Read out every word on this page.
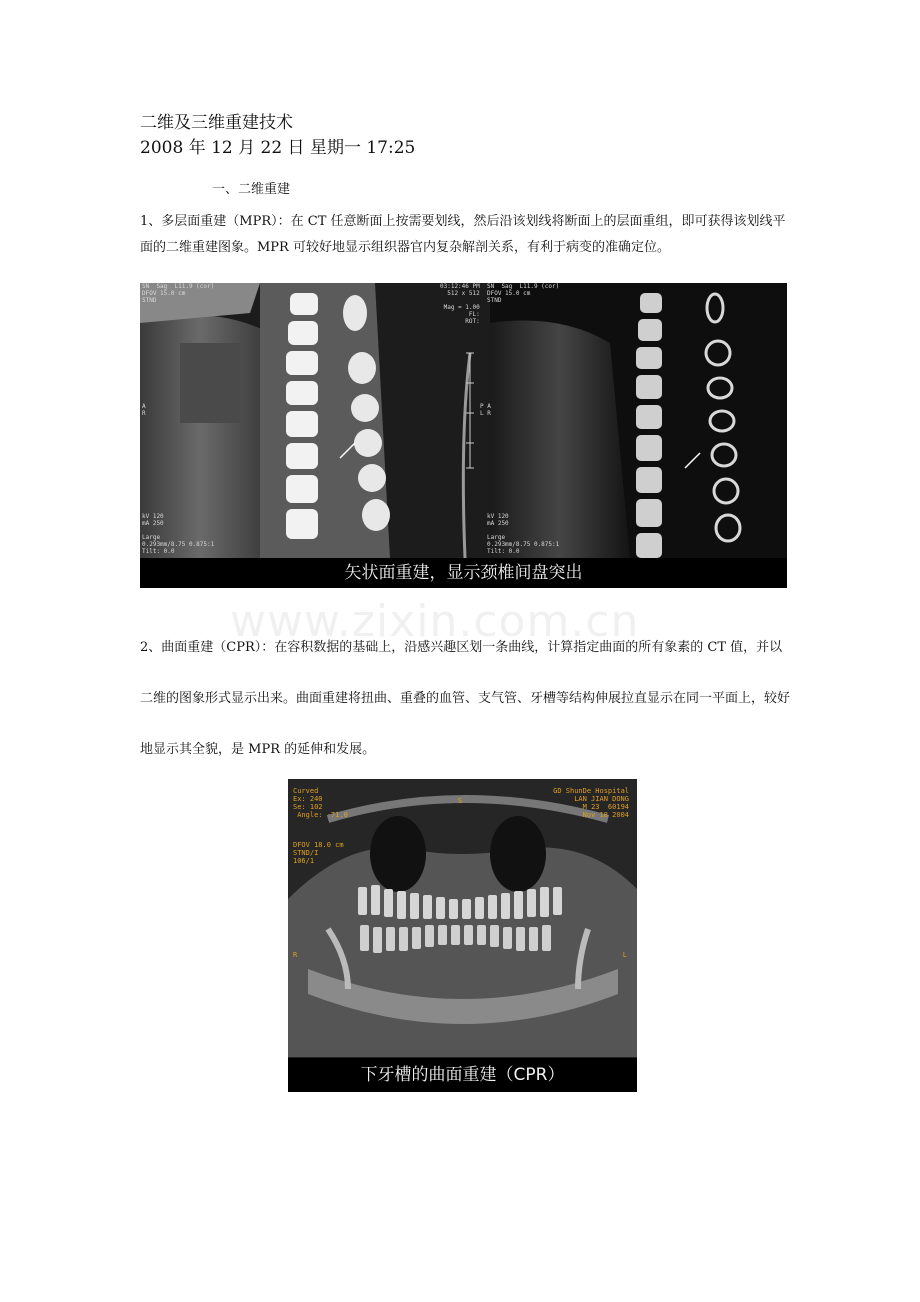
二维及三维重建技术
2008 年 12 月 22 日 星期一 17:25
一、二维重建

1、多层面重建（MPR）：在 CT 任意断面上按需要划线，然后沿该划线将断面上的层面重组，即可获得该划线平面的二维重建图象。MPR 可较好地显示组织器官内复杂解剖关系，有利于病变的准确定位。

SN  Sag  L11.9 (cor)
DFOV 15.0 cm
STND
A
R
kV 120
mA 250

Large
0.293mm/8.75 0.875:1
Tilt: 0.0
03:12:46 PM
512 x 512

Mag = 1.00
FL:
ROT:
P A
L R
SN  Sag  L11.9 (cor)
DFOV 15.0 cm
STND
kV 120
mA 250

Large
0.293mm/8.75 0.875:1
Tilt: 0.0
矢状面重建，显示颈椎间盘突出
www.zixin.com.cn

2、曲面重建（CPR）：在容积数据的基础上，沿感兴趣区划一条曲线，计算指定曲面的所有象素的 CT 值，并以二维的图象形式显示出来。曲面重建将扭曲、重叠的血管、支气管、牙槽等结构伸展拉直显示在同一平面上，较好地显示其全貌，是 MPR 的延伸和发展。

Curved
Ex: 240
Se: 102
Angle: -71.0
S
GD ShunDe Hospital
LAN JIAN DONG
M 23  60194
Nov 18 2004
DFOV 18.0 cm
STND/I
106/1
R	L
下牙槽的曲面重建（CPR）
